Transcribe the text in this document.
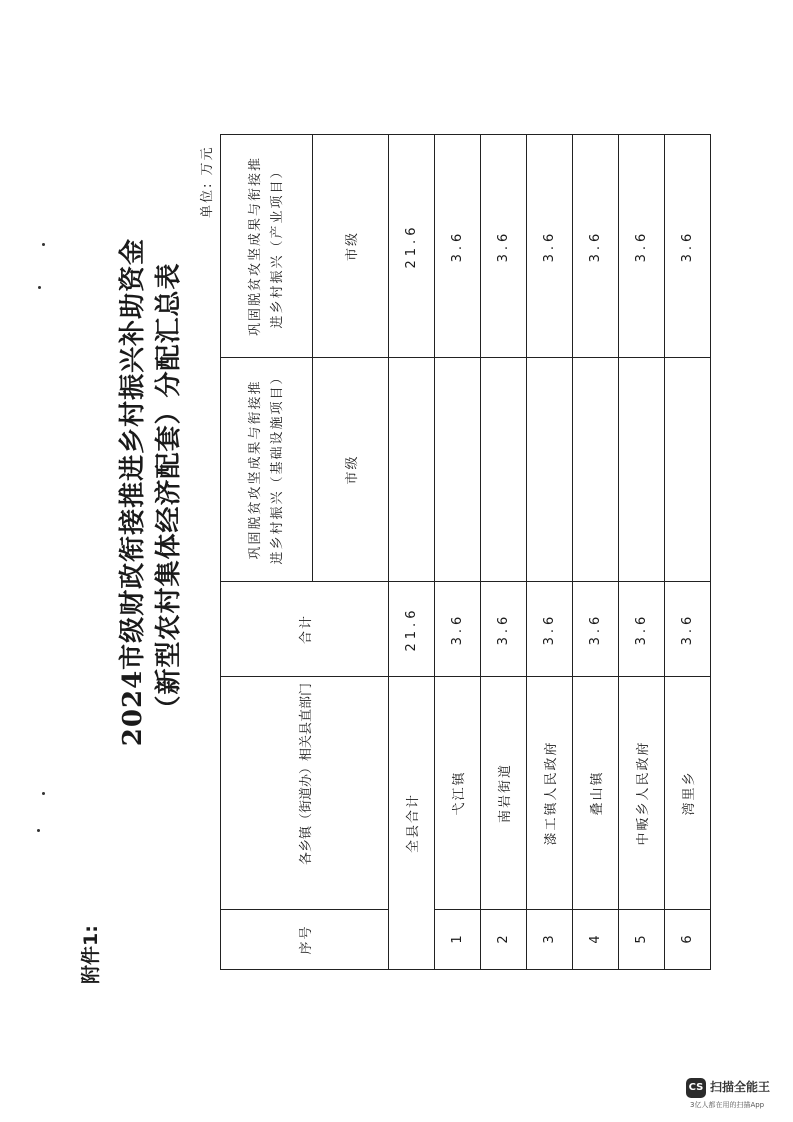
附件1:
2024市级财政衔接推进乡村振兴补助资金 （新型农村集体经济配套）分配汇总表
单位: 万元
序号	各乡镇（街道办）相关县直部门	合计	巩固脱贫攻坚成果与衔接推进乡村振兴（基础设施项目）	巩固脱贫攻坚成果与衔接推进乡村振兴（产业项目）
			市级	市级
全县合计		21.6		21.6
1	弋江镇	3.6		3.6
2	南岩街道	3.6		3.6
3	漆工镇人民政府	3.6		3.6
4	叠山镇	3.6		3.6
5	中畈乡人民政府	3.6		3.6
6	湾里乡	3.6		3.6
CS 扫描全能王
3亿人都在用的扫描App
